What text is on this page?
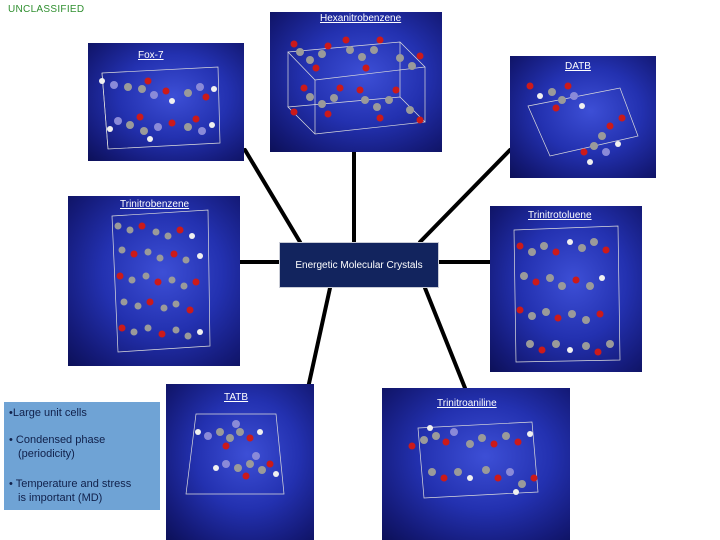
UNCLASSIFIED
Hexanitrobenzene
Fox-7
DATB
Trinitrobenzene
Trinitrotoluene
TATB
Trinitroaniline
Energetic Molecular Crystals
•Large unit cells
• Condensed phase
(periodicity)
• Temperature and stress
is important (MD)
